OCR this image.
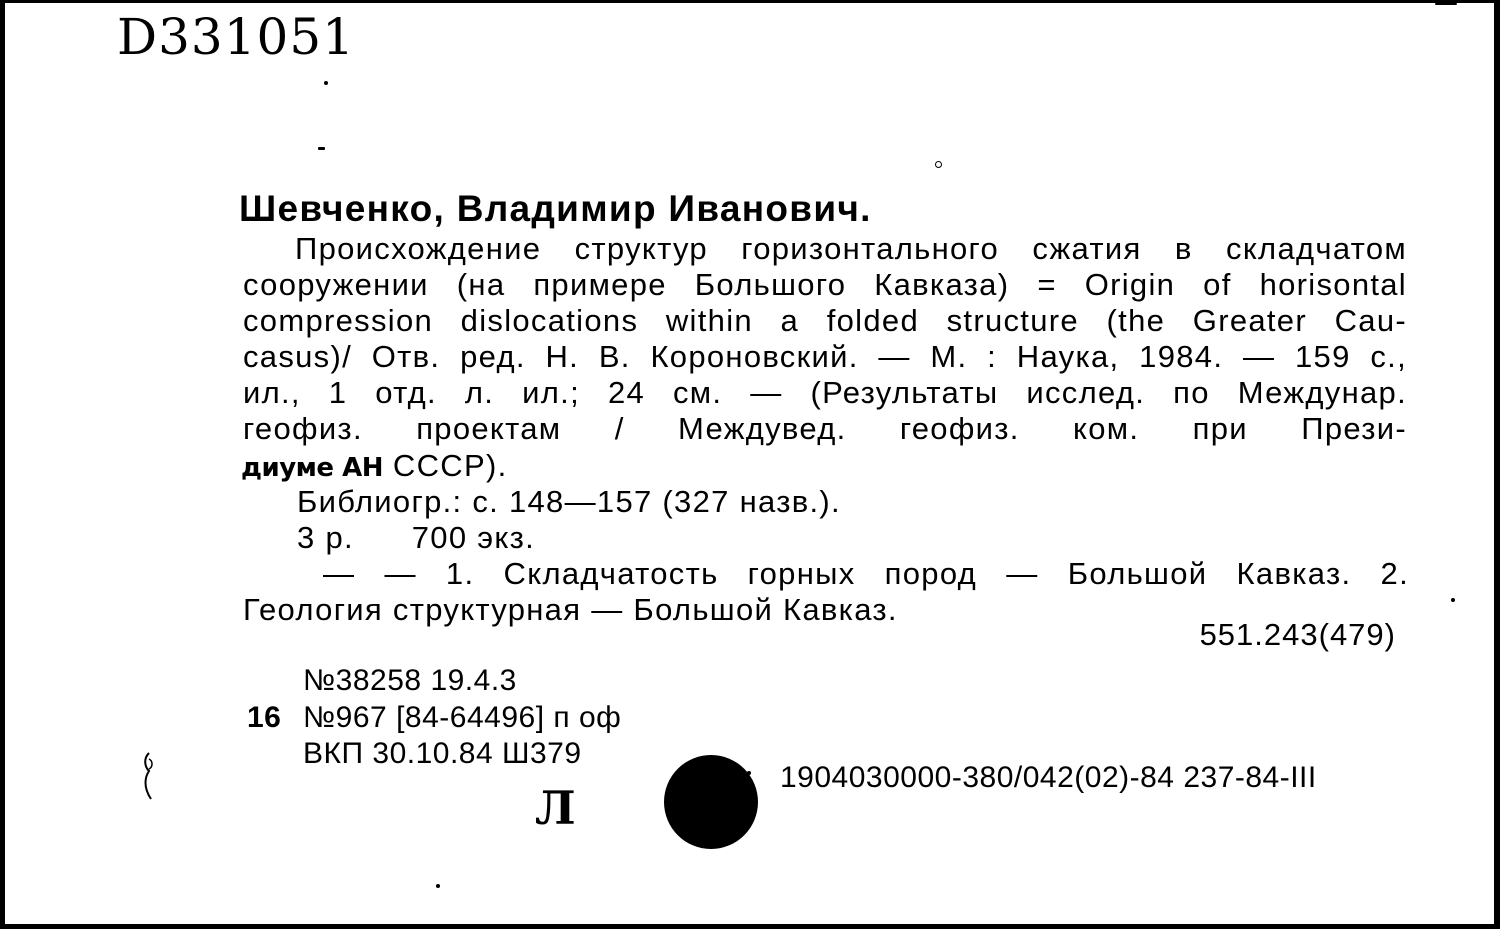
D331051
Шевченко, Владимир Иванович.
Происхождение структур горизонтального сжатия в складчатом
сооружении (на примере Большого Кавказа) = Origin of horisontal
compression dislocations within a folded structure (the Greater Cau-
casus)/ Отв. ред. Н. В. Короновский. — М. : Наука, 1984. — 159 с.,
ил., 1 отд. л. ил.; 24 см. — (Результаты исслед. по Междунар.
геофиз. проектам / Междувед. геофиз. ком. при Прези-
диуме АН СССР).
Библиогр.: с. 148—157 (327 назв.).
3 р. 700 экз.
— — 1. Складчатость горных пород — Большой Кавказ. 2.
Геология структурная — Большой Кавказ.
551.243(479)
№38258 19.4.3
16 №967 [84-64496] п оф
ВКП 30.10.84 Ш379
Л
1904030000-380/042(02)-84 237-84-III
